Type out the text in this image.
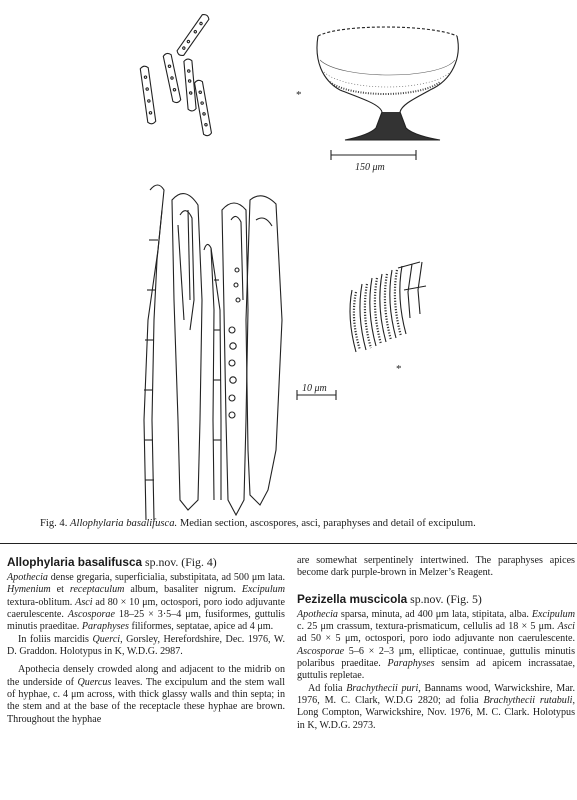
*
150 μm
*
10 μm
Fig. 4. Allophylaria basalifusca. Median section, ascospores, asci, paraphyses and detail of excipulum.
Allophylaria basalifusca sp.nov. (Fig. 4)

Apothecia dense gregaria, superficialia, substipitata, ad 500 μm lata. Hymenium et receptaculum album, basaliter nigrum. Excipulum textura-oblitum. Asci ad 80 × 10 μm, octospori, poro iodo adjuvante caerulescente. Ascosporae 18–25 × 3·5–4 μm, fusiformes, guttulis minutis praeditae. Paraphyses filiformes, septatae, apice ad 4 μm.

In foliis marcidis Querci, Gorsley, Herefordshire, Dec. 1976, W. D. Graddon. Holotypus in K, W.D.G. 2987.

Apothecia densely crowded along and adjacent to the midrib on the underside of Quercus leaves. The excipulum and the stem wall of hyphae, c. 4 μm across, with thick glassy walls and thin septa; in the stem and at the base of the receptacle these hyphae are brown. Throughout the hyphae

are somewhat serpentinely intertwined. The paraphyses apices become dark purple-brown in Melzer’s Reagent.

Pezizella muscicola sp.nov. (Fig. 5)

Apothecia sparsa, minuta, ad 400 μm lata, stipitata, alba. Excipulum c. 25 μm crassum, textura-prismaticum, cellulis ad 18 × 5 μm. Asci ad 50 × 5 μm, octospori, poro iodo adjuvante non caerulescente. Ascosporae 5–6 × 2–3 μm, ellipticae, continuae, guttulis minutis polaribus praeditae. Paraphyses sensim ad apicem incrassatae, guttulis repletae.

Ad folia Brachythecii puri, Bannams wood, Warwickshire, Mar. 1976, M. C. Clark, W.D.G 2820; ad folia Brachythecii rutabuli, Long Compton, Warwickshire, Nov. 1976, M. C. Clark. Holotypus in K, W.D.G. 2973.
